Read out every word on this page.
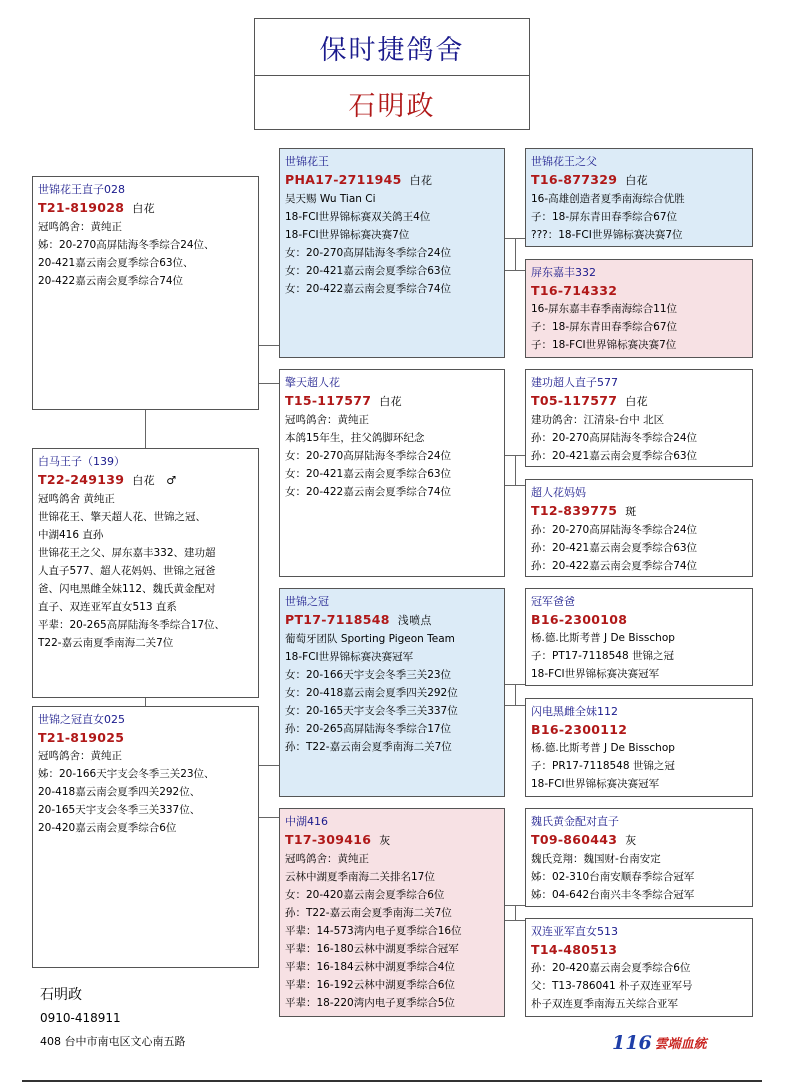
保时捷鸽舍
石明政
世锦花王直子028
T21-819028 白花
冠鸣鸽舍：黄纯正
姊：20-270高屏陆海冬季综合24位、
20-421嘉云南会夏季综合63位、
20-422嘉云南会夏季综合74位
白马王子（139）
T22-249139 白花　♂
冠鸣鸽舍 黄纯正
世锦花王、擎天超人花、世锦之冠、
中湖416 直孙
世锦花王之父、屏东嘉丰332、建功超
人直子577、超人花妈妈、世锦之冠爸
爸、闪电黑雌全妹112、魏氏黄金配对
直子、双连亚军直女513 直系
平辈：20-265高屏陆海冬季综合17位、
T22-嘉云南夏季南海二关7位
世锦之冠直女025
T21-819025
冠鸣鸽舍：黄纯正
姊：20-166天宇支会冬季三关23位、
20-418嘉云南会夏季四关292位、
20-165天宇支会冬季三关337位、
20-420嘉云南会夏季综合6位
世锦花王
PHA17-2711945 白花
吴天赐 Wu Tian Ci
18-FCI世界锦标赛双关鸽王4位
18-FCI世界锦标赛决赛7位
女：20-270高屏陆海冬季综合24位
女：20-421嘉云南会夏季综合63位
女：20-422嘉云南会夏季综合74位
擎天超人花
T15-117577 白花
冠鸣鸽舍：黄纯正
本鸽15年生，拄父鸽脚环纪念
女：20-270高屏陆海冬季综合24位
女：20-421嘉云南会夏季综合63位
女：20-422嘉云南会夏季综合74位
世锦之冠
PT17-7118548 浅喷点
葡萄牙团队 Sporting Pigeon Team
18-FCI世界锦标赛决赛冠军
女：20-166天宇支会冬季三关23位
女：20-418嘉云南会夏季四关292位
女：20-165天宇支会冬季三关337位
孙：20-265高屏陆海冬季综合17位
孙：T22-嘉云南会夏季南海二关7位
中湖416
T17-309416 灰
冠鸣鸽舍：黄纯正
云林中湖夏季南海二关排名17位
女：20-420嘉云南会夏季综合6位
孙：T22-嘉云南会夏季南海二关7位
平辈：14-573湾内电子夏季综合16位
平辈：16-180云林中湖夏季综合冠军
平辈：16-184云林中湖夏季综合4位
平辈：16-192云林中湖夏季综合6位
平辈：18-220湾内电子夏季综合5位
世锦花王之父
T16-877329 白花
16-高雄创造者夏季南海综合优胜
子：18-屏东青田春季综合67位
???：18-FCI世界锦标赛决赛7位
屏东嘉丰332
T16-714332
16-屏东嘉丰春季南海综合11位
子：18-屏东青田春季综合67位
子：18-FCI世界锦标赛决赛7位
建功超人直子577
T05-117577 白花
建功鸽舍：江清泉-台中 北区
孙：20-270高屏陆海冬季综合24位
孙：20-421嘉云南会夏季综合63位
超人花妈妈
T12-839775 斑
孙：20-270高屏陆海冬季综合24位
孙：20-421嘉云南会夏季综合63位
孙：20-422嘉云南会夏季综合74位
冠军爸爸
B16-2300108
杨.德.比斯考普 J De Bisschop
子：PT17-7118548 世锦之冠
18-FCI世界锦标赛决赛冠军
闪电黑雌全妹112
B16-2300112
杨.德.比斯考普 J De Bisschop
子：PR17-7118548 世锦之冠
18-FCI世界锦标赛决赛冠军
魏氏黄金配对直子
T09-860443 灰
魏氏竞翔：魏国财-台南安定
姊：02-310台南安顺春季综合冠军
姊：04-642台南兴丰冬季综合冠军
双连亚军直女513
T14-480513
孙：20-420嘉云南会夏季综合6位
父：T13-786041 朴子双连亚军号
朴子双连夏季南海五关综合亚军
石明政
0910-418911
408 台中市南屯区文心南五路	116 雲端血統
